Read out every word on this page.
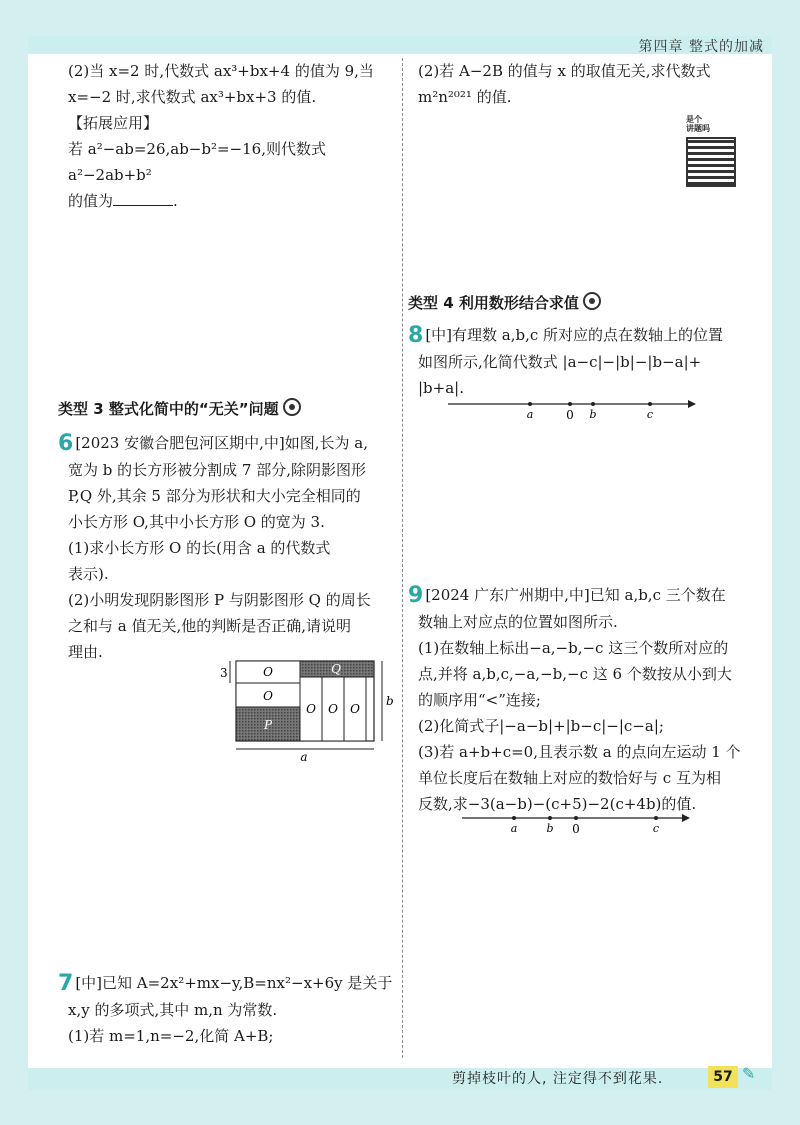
第四章 整式的加减

(2)当 x=2 时,代数式 ax³+bx+4 的值为 9,当

x=−2 时,求代数式 ax³+bx+3 的值.

【拓展应用】

若 a²−ab=26,ab−b²=−16,则代数式 a²−2ab+b²

的值为	.

类型 3 整式化简中的“无关”问题

6 [2023 安徽合肥包河区期中,中]如图,长为 a,

宽为 b 的长方形被分割成 7 部分,除阴影图形

P,Q 外,其余 5 部分为形状和大小完全相同的

小长方形 O,其中小长方形 O 的宽为 3.

(1)求小长方形 O 的长(用含 a 的代数式

表示).

(2)小明发现阴影图形 P 与阴影图形 Q 的周长

之和与 a 值无关,他的判断是否正确,请说明

理由.

O
O
P
Q
O O O
3
b
a

7 [中]已知 A=2x²+mx−y,B=nx²−x+6y 是关于

x,y 的多项式,其中 m,n 为常数.

(1)若 m=1,n=−2,化简 A+B;

(2)若 A−2B 的值与 x 的取值无关,求代数式

m²n²⁰²¹ 的值.

是个
讲题吗
类型 4 利用数形结合求值

8 [中]有理数 a,b,c 所对应的点在数轴上的位置

如图所示,化简代数式 |a−c|−|b|−|b−a|+

|b+a|.

a	0 b	c

9 [2024 广东广州期中,中]已知 a,b,c 三个数在

数轴上对应点的位置如图所示.

(1)在数轴上标出−a,−b,−c 这三个数所对应的

点,并将 a,b,c,−a,−b,−c 这 6 个数按从小到大

的顺序用“<”连接;

(2)化简式子|−a−b|+|b−c|−|c−a|;

(3)若 a+b+c=0,且表示数 a 的点向左运动 1 个

单位长度后在数轴上对应的数恰好与 c 互为相

反数,求−3(a−b)−(c+5)−2(c+4b)的值.

a	b 0	c
剪掉枝叶的人, 注定得不到花果.	57 ✎
